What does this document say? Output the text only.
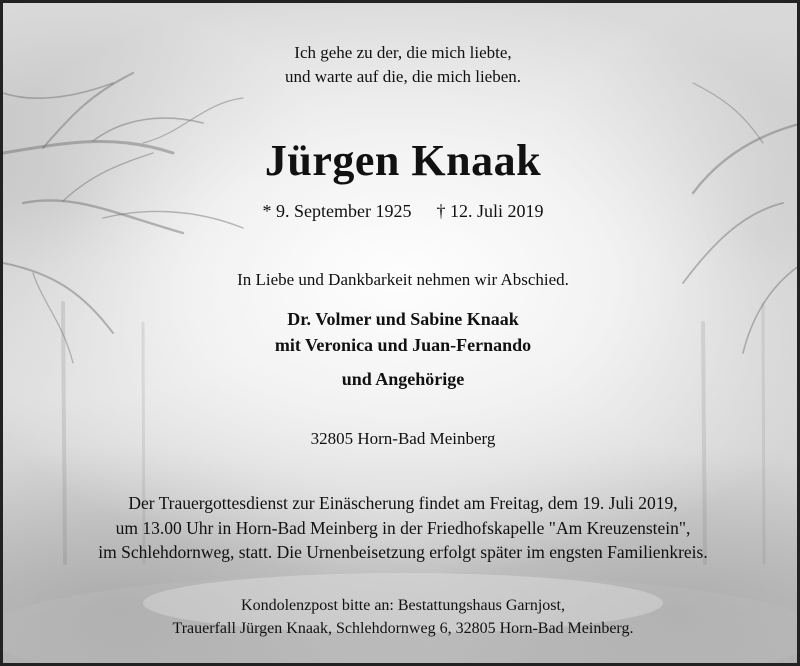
Ich gehe zu der, die mich liebte,
und warte auf die, die mich lieben.
Jürgen Knaak
* 9. September 1925 † 12. Juli 2019
In Liebe und Dankbarkeit nehmen wir Abschied.
Dr. Volmer und Sabine Knaak
mit Veronica und Juan-Fernando
und Angehörige
32805 Horn-Bad Meinberg
Der Trauergottesdienst zur Einäscherung findet am Freitag, dem 19. Juli 2019,
um 13.00 Uhr in Horn-Bad Meinberg in der Friedhofskapelle "Am Kreuzenstein",
im Schlehdornweg, statt. Die Urnenbeisetzung erfolgt später im engsten Familienkreis.
Kondolenzpost bitte an: Bestattungshaus Garnjost,
Trauerfall Jürgen Knaak, Schlehdornweg 6, 32805 Horn-Bad Meinberg.
